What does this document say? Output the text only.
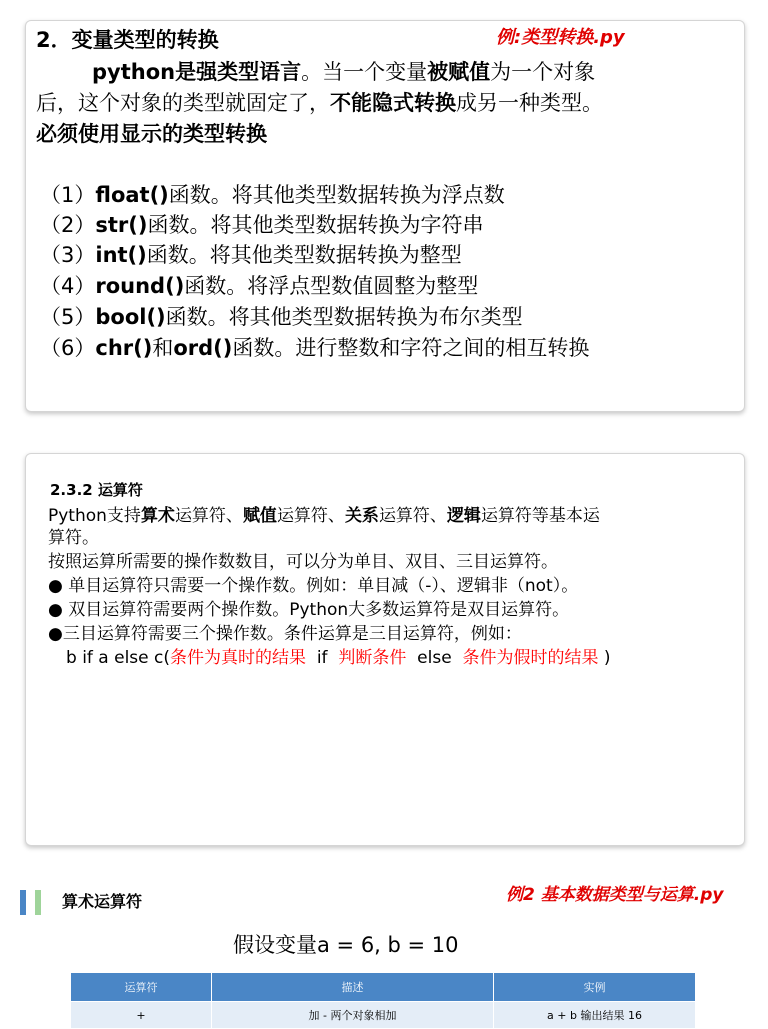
2．变量类型的转换	例:类型转换.py
python是强类型语言。当一个变量被赋值为一个对象
后，这个对象的类型就固定了，不能隐式转换成另一种类型。
必须使用显示的类型转换
（1）float()函数。将其他类型数据转换为浮点数
（2）str()函数。将其他类型数据转换为字符串
（3）int()函数。将其他类型数据转换为整型
（4）round()函数。将浮点型数值圆整为整型
（5）bool()函数。将其他类型数据转换为布尔类型
（6）chr()和ord()函数。进行整数和字符之间的相互转换
2.3.2 运算符
Python支持算术运算符、赋值运算符、关系运算符、逻辑运算符等基本运
算符。
按照运算所需要的操作数数目，可以分为单目、双目、三目运算符。
● 单目运算符只需要一个操作数。例如：单目减（-）、逻辑非（not）。
● 双目运算符需要两个操作数。Python大多数运算符是双目运算符。
●三目运算符需要三个操作数。条件运算是三目运算符，例如：
b if a else c(条件为真时的结果  if  判断条件  else  条件为假时的结果 )
算术运算符	例2 基本数据类型与运算.py
假设变量a = 6, b = 10
运算符	描述	实例
+	加 - 两个对象相加	a + b 输出结果 16
